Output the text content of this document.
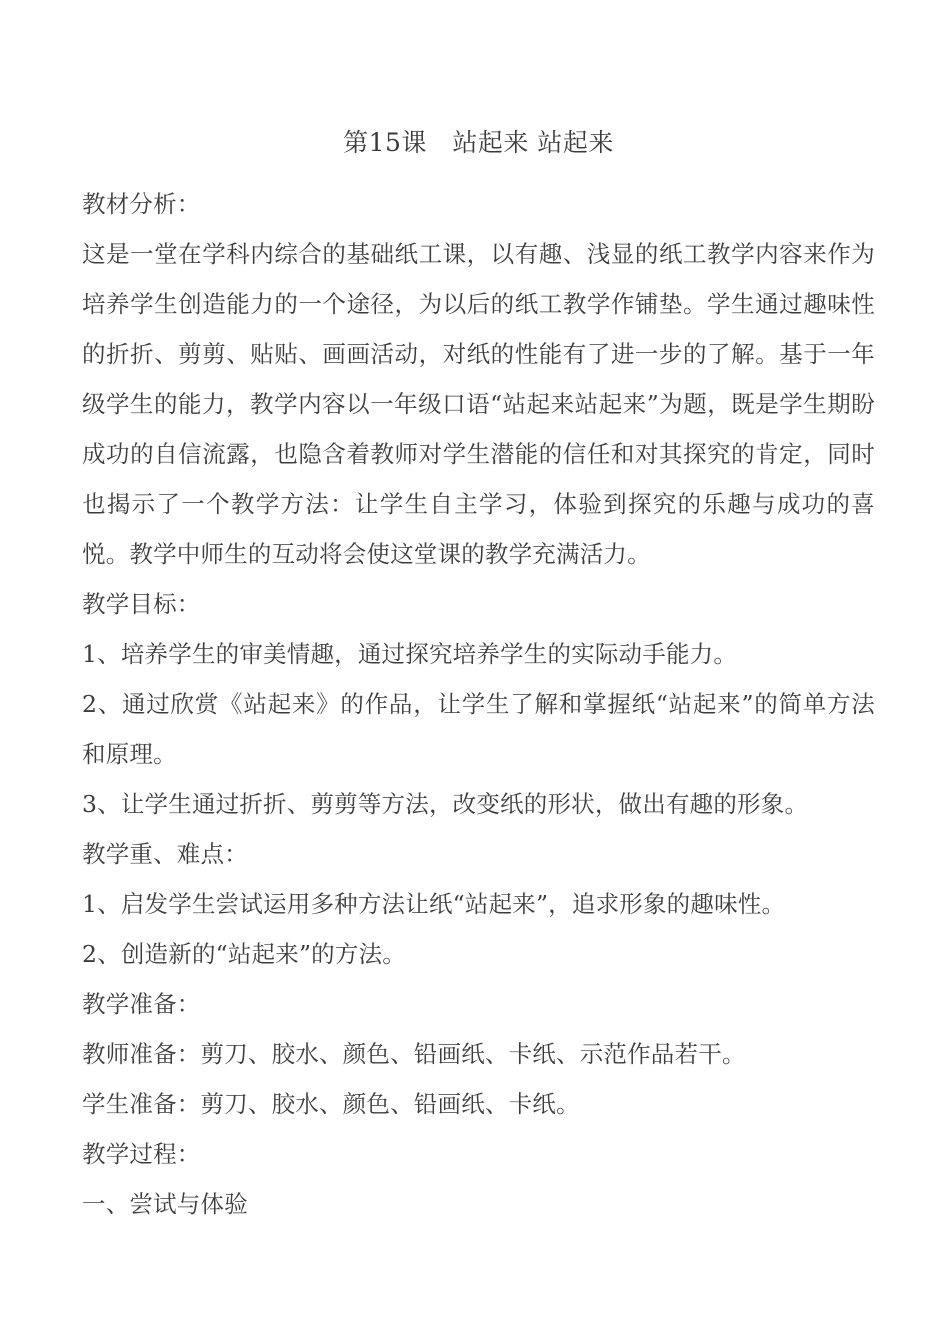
第15课　站起来 站起来

教材分析：

这是一堂在学科内综合的基础纸工课，以有趣、浅显的纸工教学内容来作为培养学生创造能力的一个途径，为以后的纸工教学作铺垫。学生通过趣味性的折折、剪剪、贴贴、画画活动，对纸的性能有了进一步的了解。基于一年级学生的能力，教学内容以一年级口语“站起来站起来”为题，既是学生期盼成功的自信流露，也隐含着教师对学生潜能的信任和对其探究的肯定，同时也揭示了一个教学方法：让学生自主学习，体验到探究的乐趣与成功的喜悦。教学中师生的互动将会使这堂课的教学充满活力。

教学目标：

1、培养学生的审美情趣，通过探究培养学生的实际动手能力。

2、通过欣赏《站起来》的作品，让学生了解和掌握纸“站起来”的简单方法和原理。

3、让学生通过折折、剪剪等方法，改变纸的形状，做出有趣的形象。

教学重、难点：

1、启发学生尝试运用多种方法让纸“站起来”，追求形象的趣味性。

2、创造新的“站起来”的方法。

教学准备：

教师准备：剪刀、胶水、颜色、铅画纸、卡纸、示范作品若干。

学生准备：剪刀、胶水、颜色、铅画纸、卡纸。

教学过程：

一、尝试与体验
